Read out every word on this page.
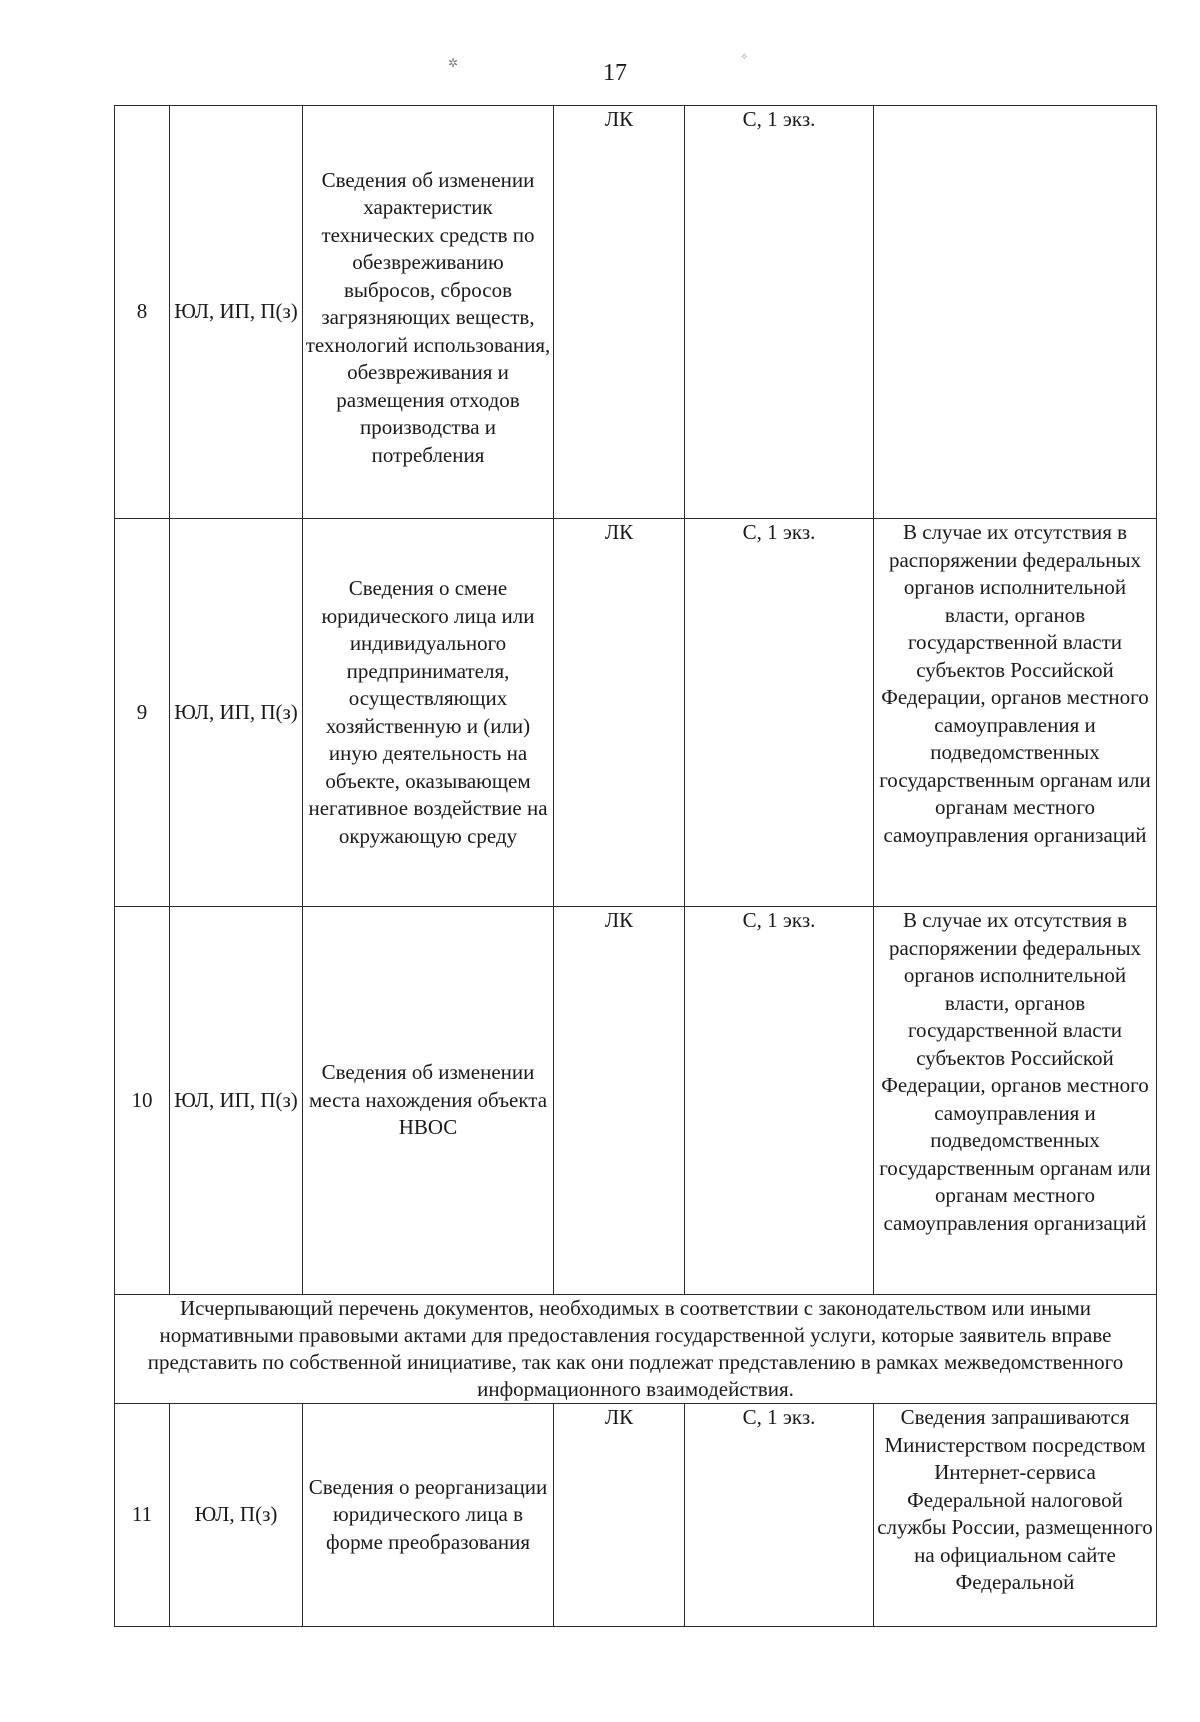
✲	✧
17
8	ЮЛ, ИП, П(з)	Сведения об изменении характеристик технических средств по обезвреживанию выбросов, сбросов загрязняющих веществ, технологий использования, обезвреживания и размещения отходов производства и потребления	ЛК	С, 1 экз.	
9	ЮЛ, ИП, П(з)	Сведения о смене юридического лица или индивидуального предпринимателя, осуществляющих хозяйственную и (или) иную деятельность на объекте, оказывающем негативное воздействие на окружающую среду	ЛК	С, 1 экз.	В случае их отсутствия в распоряжении федеральных органов исполнительной власти, органов государственной власти субъектов Российской Федерации, органов местного самоуправления и подведомственных государственным органам или органам местного самоуправления организаций
10	ЮЛ, ИП, П(з)	Сведения об изменении места нахождения объекта НВОС	ЛК	С, 1 экз.	В случае их отсутствия в распоряжении федеральных органов исполнительной власти, органов государственной власти субъектов Российской Федерации, органов местного самоуправления и подведомственных государственным органам или органам местного самоуправления организаций
Исчерпывающий перечень документов, необходимых в соответствии с законодательством или иными нормативными правовыми актами для предоставления государственной услуги, которые заявитель вправе представить по собственной инициативе, так как они подлежат представлению в рамках межведомственного информационного взаимодействия.					
11	ЮЛ, П(з)	Сведения о реорганизации юридического лица в форме преобразования	ЛК	С, 1 экз.	Сведения запрашиваются Министерством посредством Интернет-сервиса Федеральной налоговой службы России, размещенного на официальном сайте Федеральной
